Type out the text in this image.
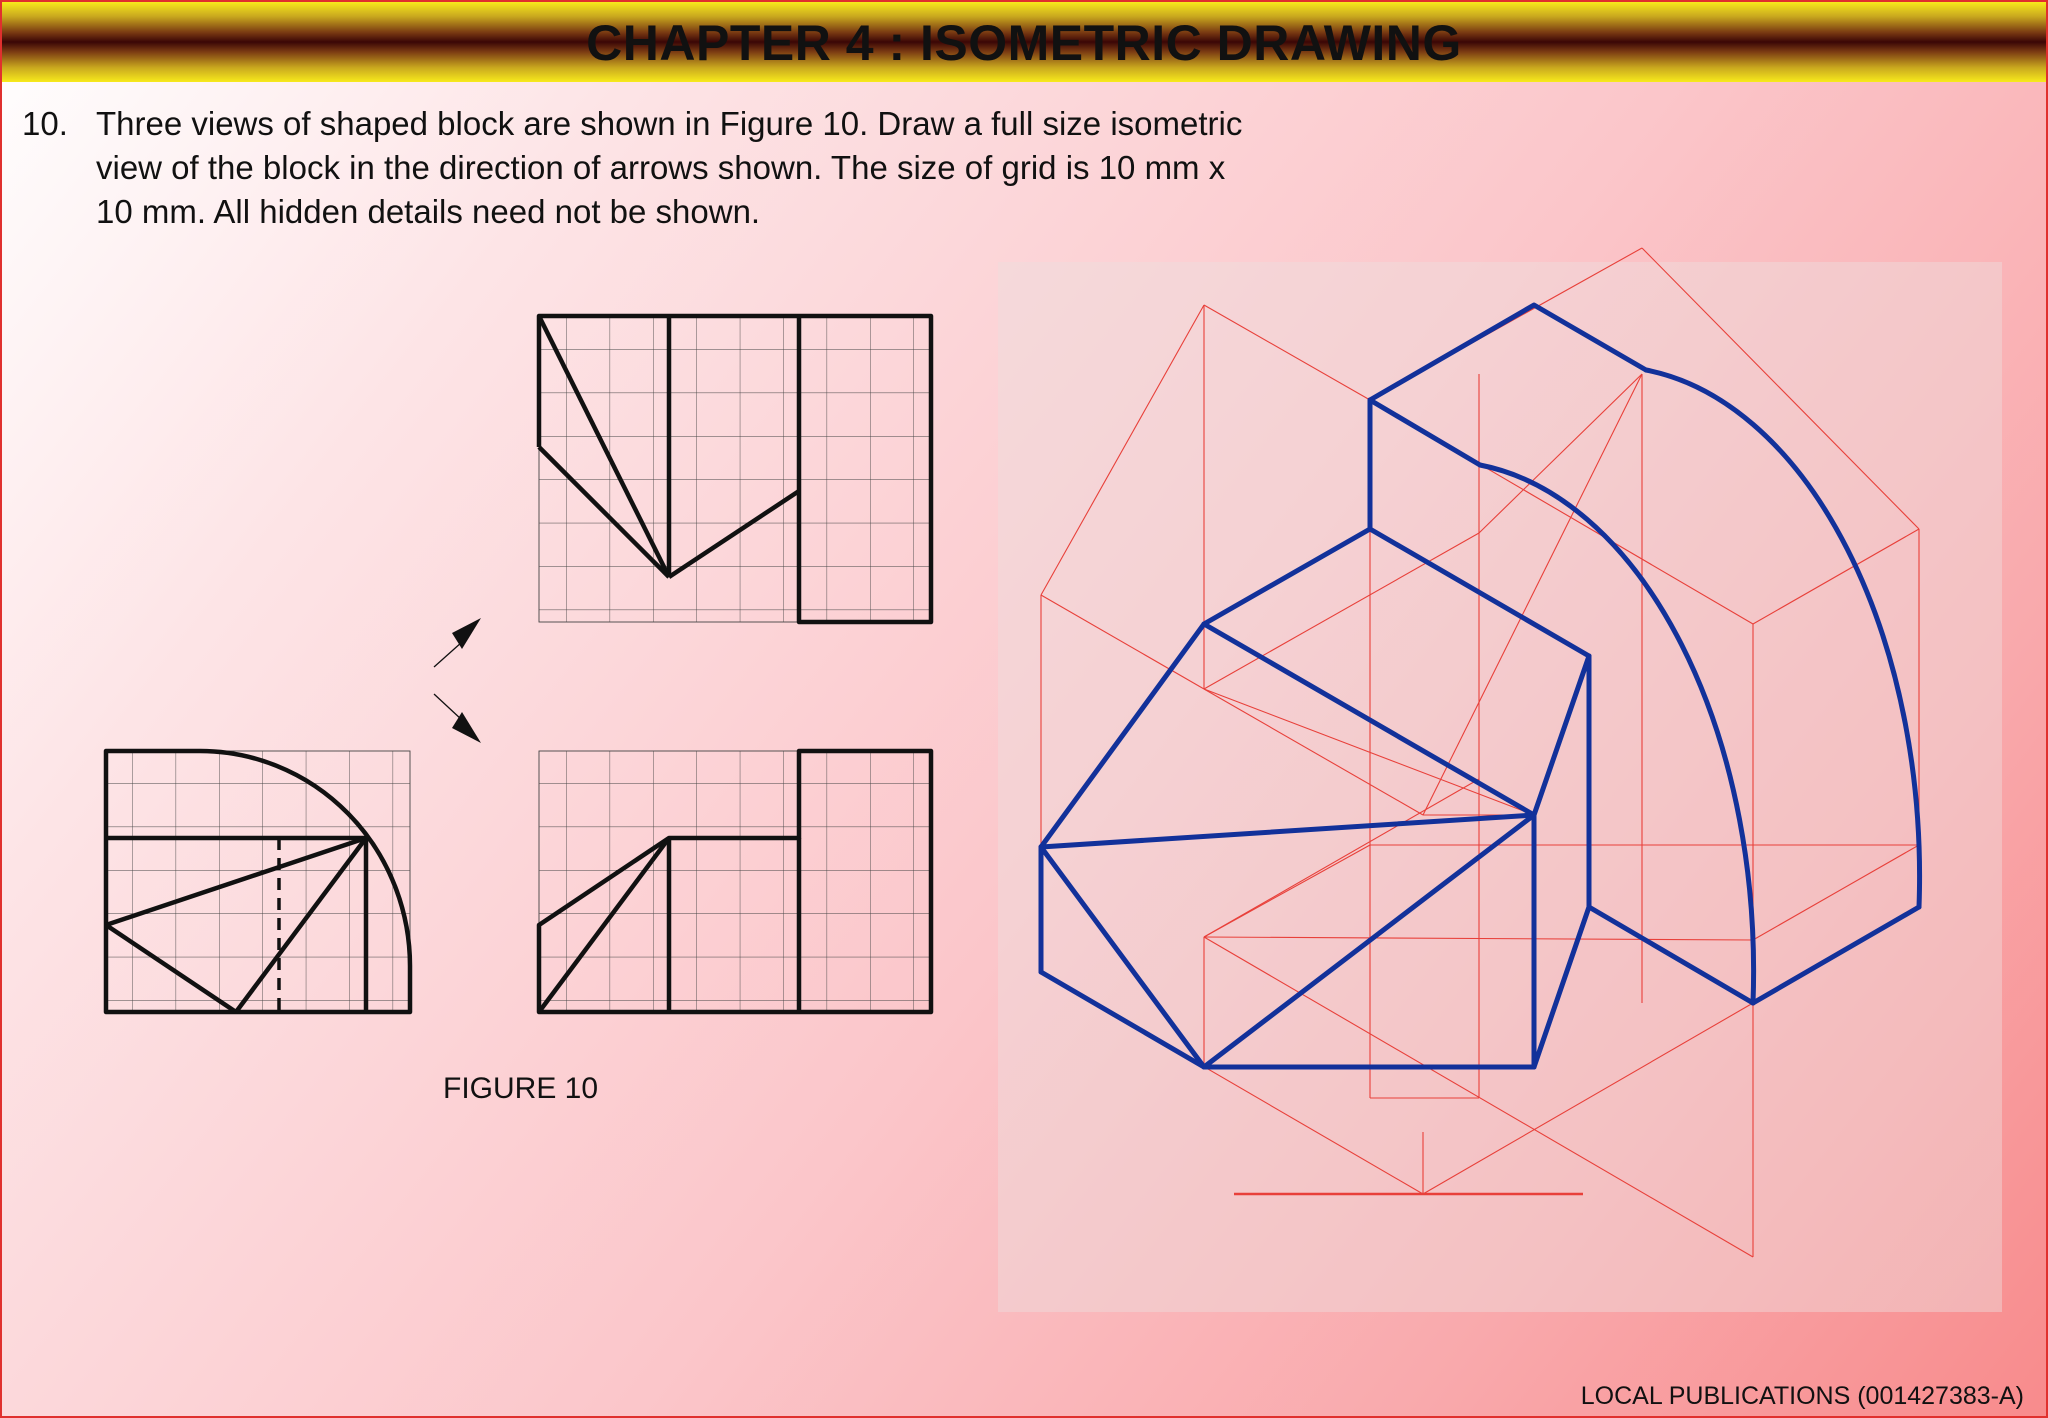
CHAPTER 4 : ISOMETRIC DRAWING
10. Three views of shaped block are shown in Figure 10. Draw a full size isometric view of the block in the direction of arrows shown. The size of grid is 10 mm x 10 mm. All hidden details need not be shown.
FIGURE 10
LOCAL PUBLICATIONS (001427383-A)
